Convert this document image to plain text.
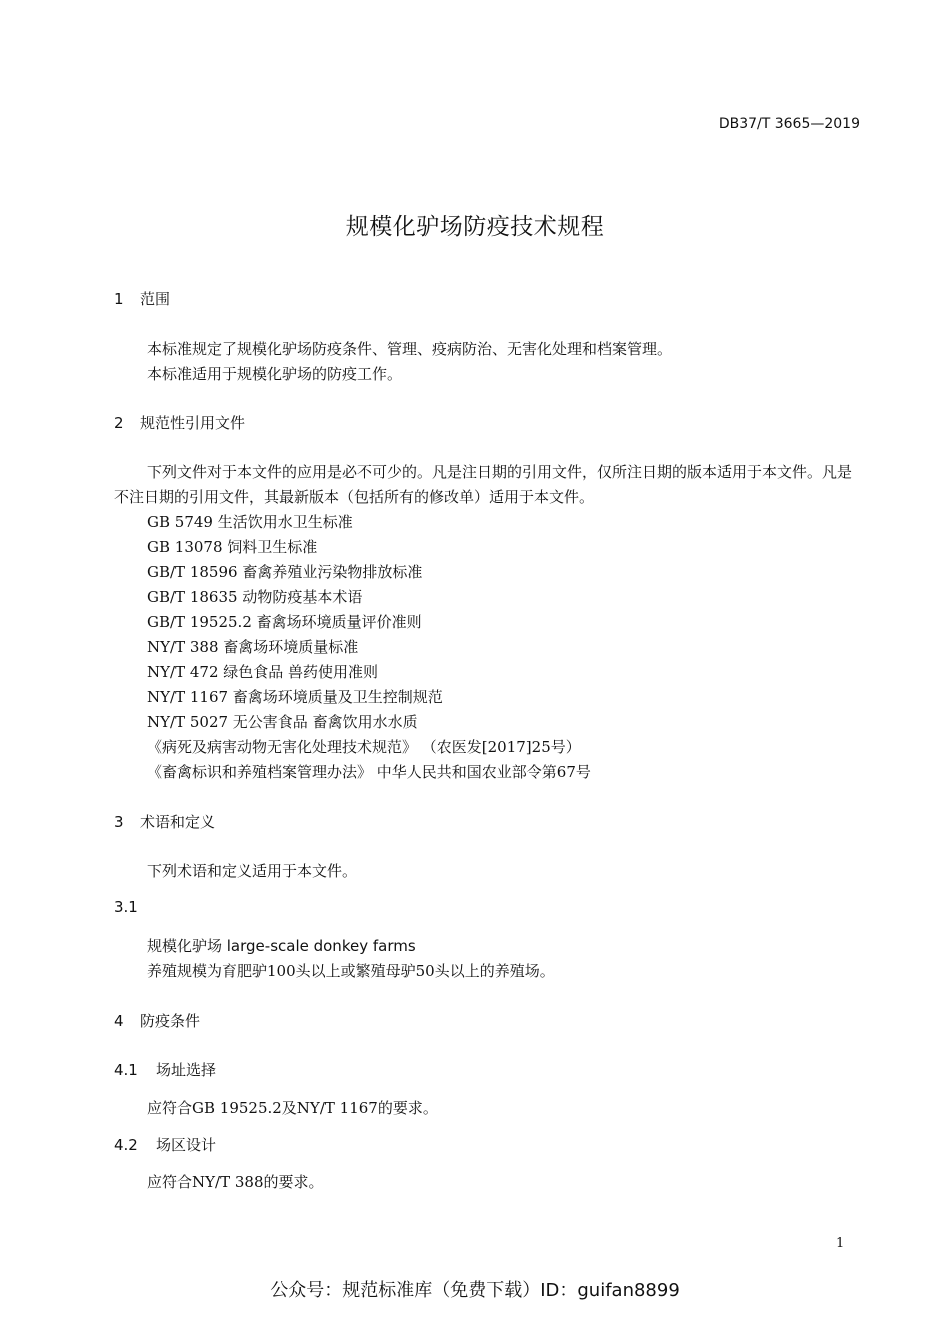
DB37/T 3665—2019
规模化驴场防疫技术规程
1 范围
本标准规定了规模化驴场防疫条件、管理、疫病防治、无害化处理和档案管理。
本标准适用于规模化驴场的防疫工作。
2 规范性引用文件
下列文件对于本文件的应用是必不可少的。凡是注日期的引用文件，仅所注日期的版本适用于本文件。凡是不注日期的引用文件，其最新版本（包括所有的修改单）适用于本文件。
GB 5749 生活饮用水卫生标准
GB 13078 饲料卫生标准
GB/T 18596 畜禽养殖业污染物排放标准
GB/T 18635 动物防疫基本术语
GB/T 19525.2 畜禽场环境质量评价准则
NY/T 388 畜禽场环境质量标准
NY/T 472 绿色食品 兽药使用准则
NY/T 1167 畜禽场环境质量及卫生控制规范
NY/T 5027 无公害食品 畜禽饮用水水质
《病死及病害动物无害化处理技术规范》 （农医发[2017]25号）
《畜禽标识和养殖档案管理办法》 中华人民共和国农业部令第67号
3 术语和定义
下列术语和定义适用于本文件。
3.1
规模化驴场 large-scale donkey farms
养殖规模为育肥驴100头以上或繁殖母驴50头以上的养殖场。
4 防疫条件
4.1 场址选择
应符合GB 19525.2及NY/T 1167的要求。
4.2 场区设计
应符合NY/T 388的要求。
1
公众号：规范标准库（免费下载）ID：guifan8899
